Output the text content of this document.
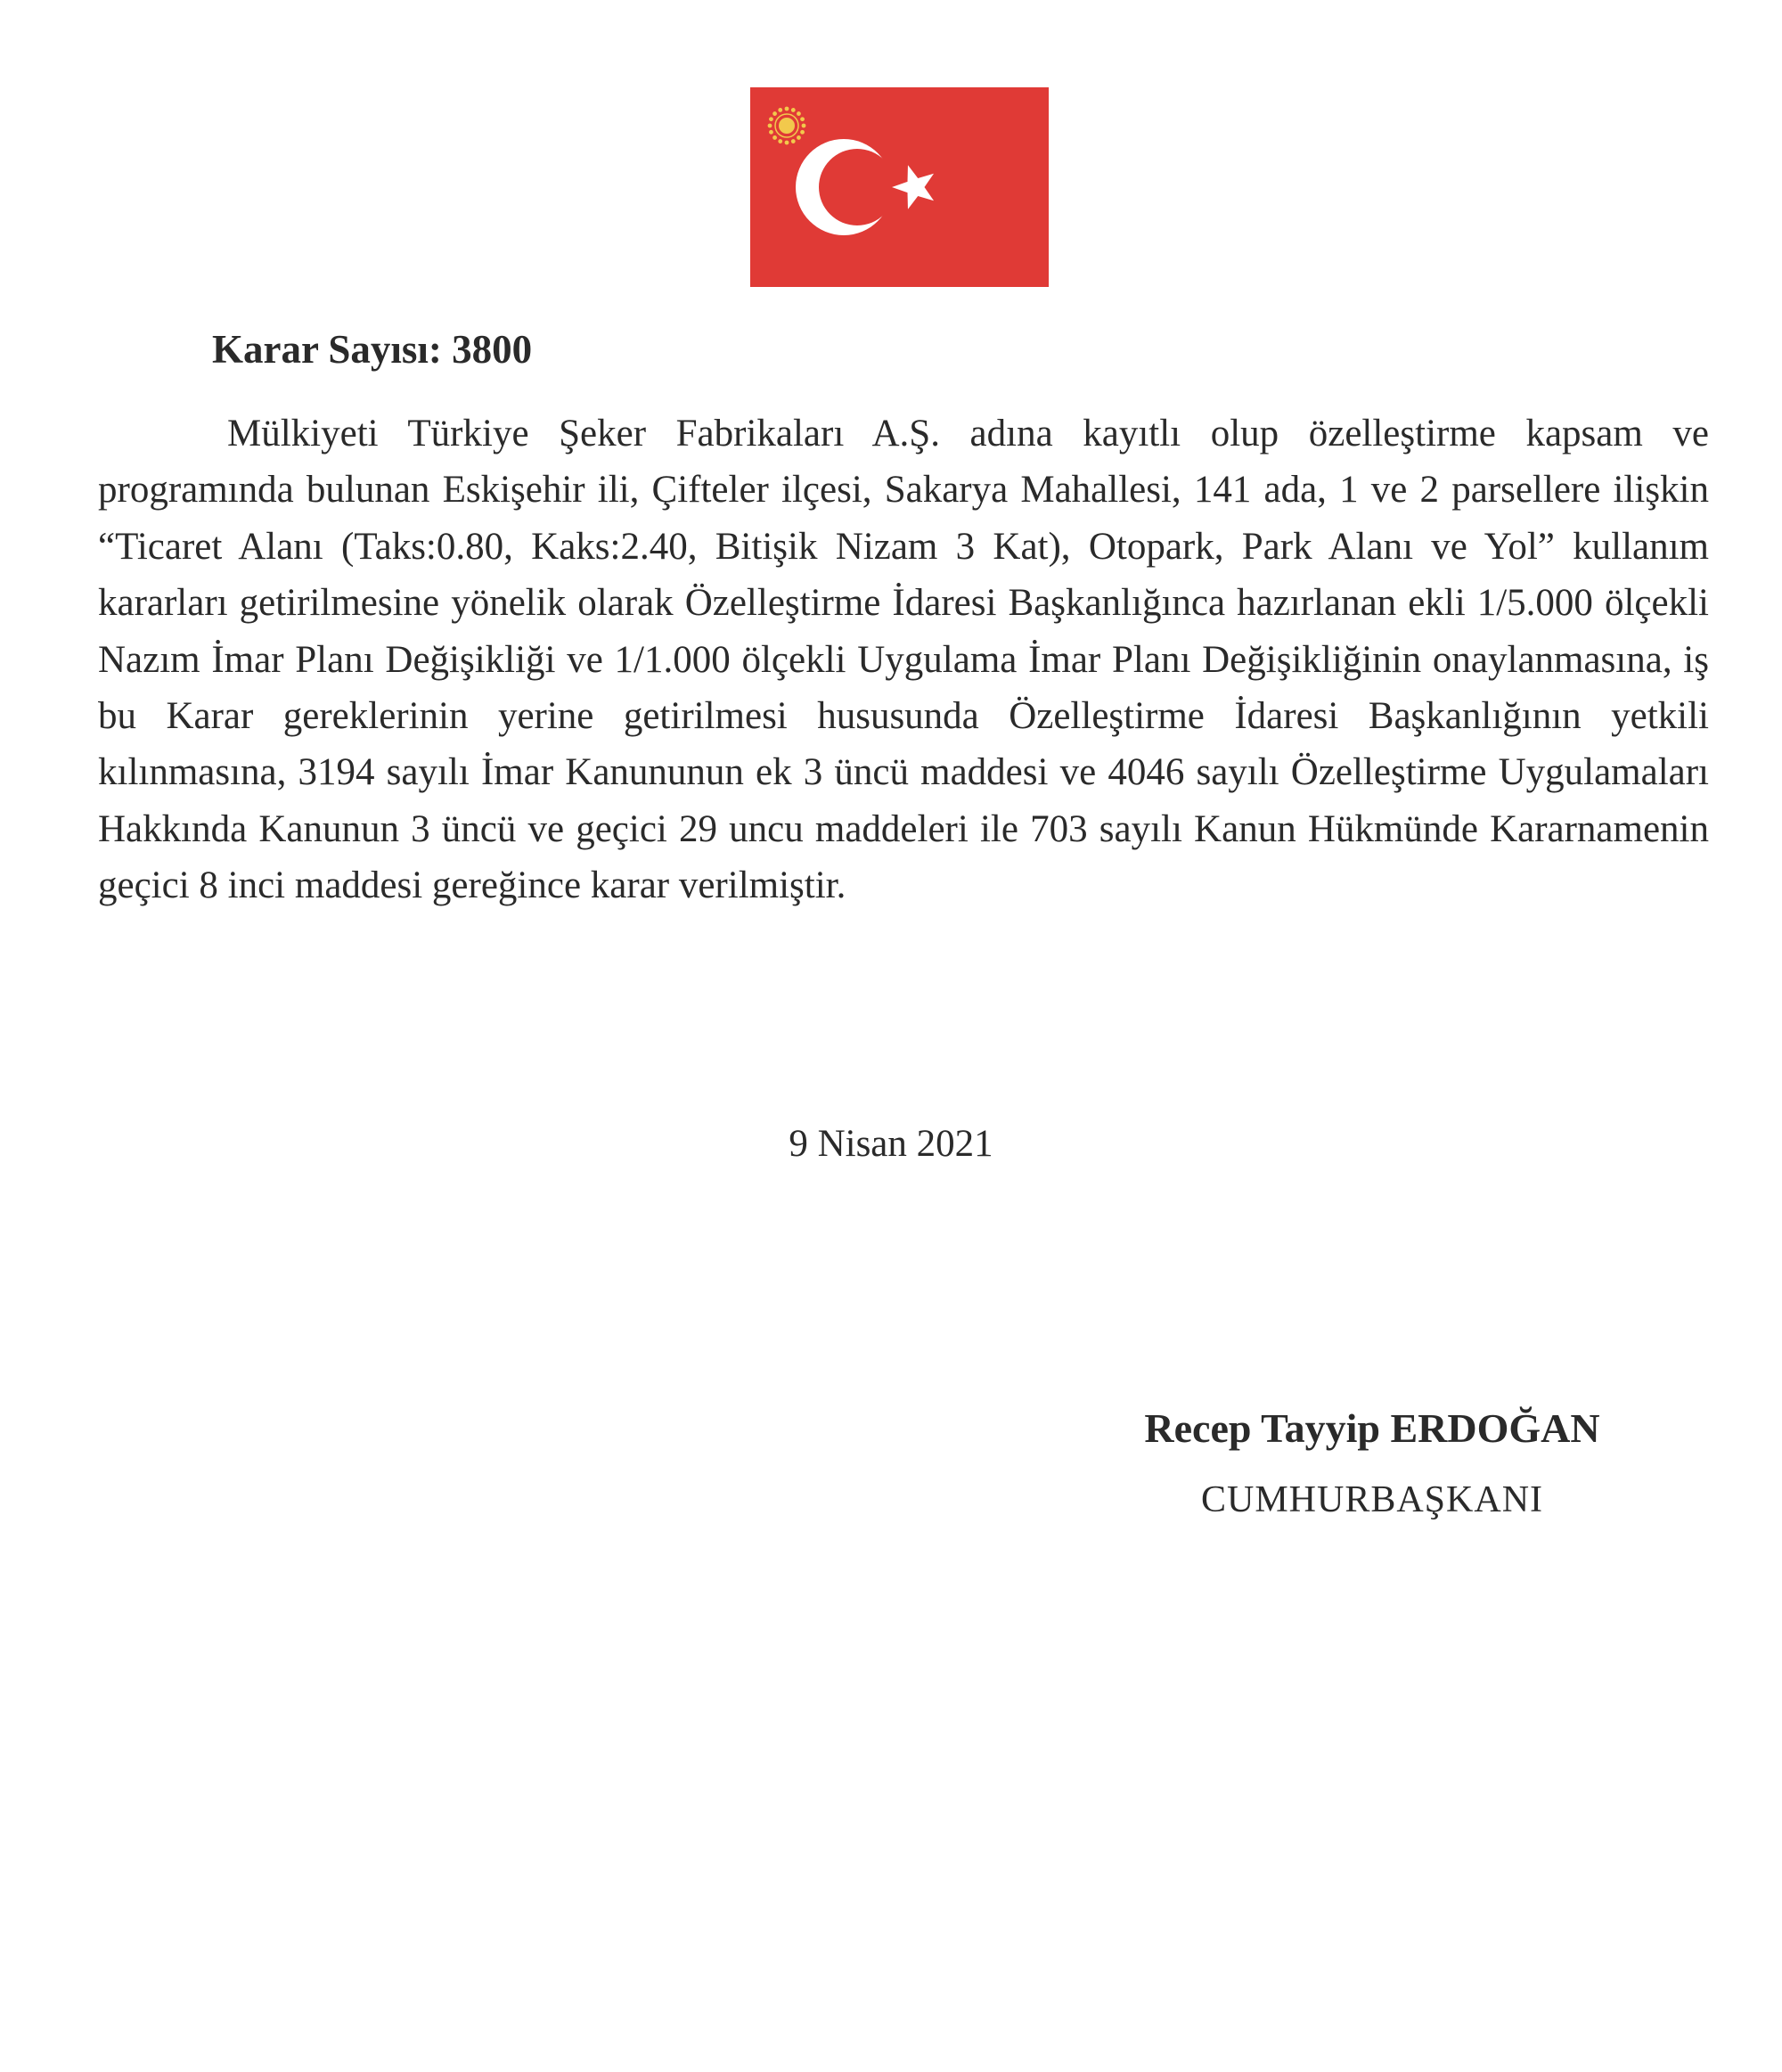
Karar Sayısı: 3800

Mülkiyeti Türkiye Şeker Fabrikaları A.Ş. adına kayıtlı olup özelleştirme kapsam ve programında bulunan Eskişehir ili, Çifteler ilçesi, Sakarya Mahallesi, 141 ada, 1 ve 2 parsellere ilişkin “Ticaret Alanı (Taks:0.80, Kaks:2.40, Bitişik Nizam 3 Kat), Otopark, Park Alanı ve Yol” kullanım kararları getirilmesine yönelik olarak Özelleştirme İdaresi Başkanlığınca hazırlanan ekli 1/5.000 ölçekli Nazım İmar Planı Değişikliği ve 1/1.000 ölçekli Uygulama İmar Planı Değişikliğinin onaylanmasına, iş bu Karar gereklerinin yerine getirilmesi hususunda Özelleştirme İdaresi Başkanlığının yetkili kılınmasına, 3194 sayılı İmar Kanununun ek 3 üncü maddesi ve 4046 sayılı Özelleştirme Uygulamaları Hakkında Kanunun 3 üncü ve geçici 29 uncu maddeleri ile 703 sayılı Kanun Hükmünde Kararnamenin geçici 8 inci maddesi gereğince karar verilmiştir.

9 Nisan 2021
Recep Tayyip ERDOĞAN
CUMHURBAŞKANI
